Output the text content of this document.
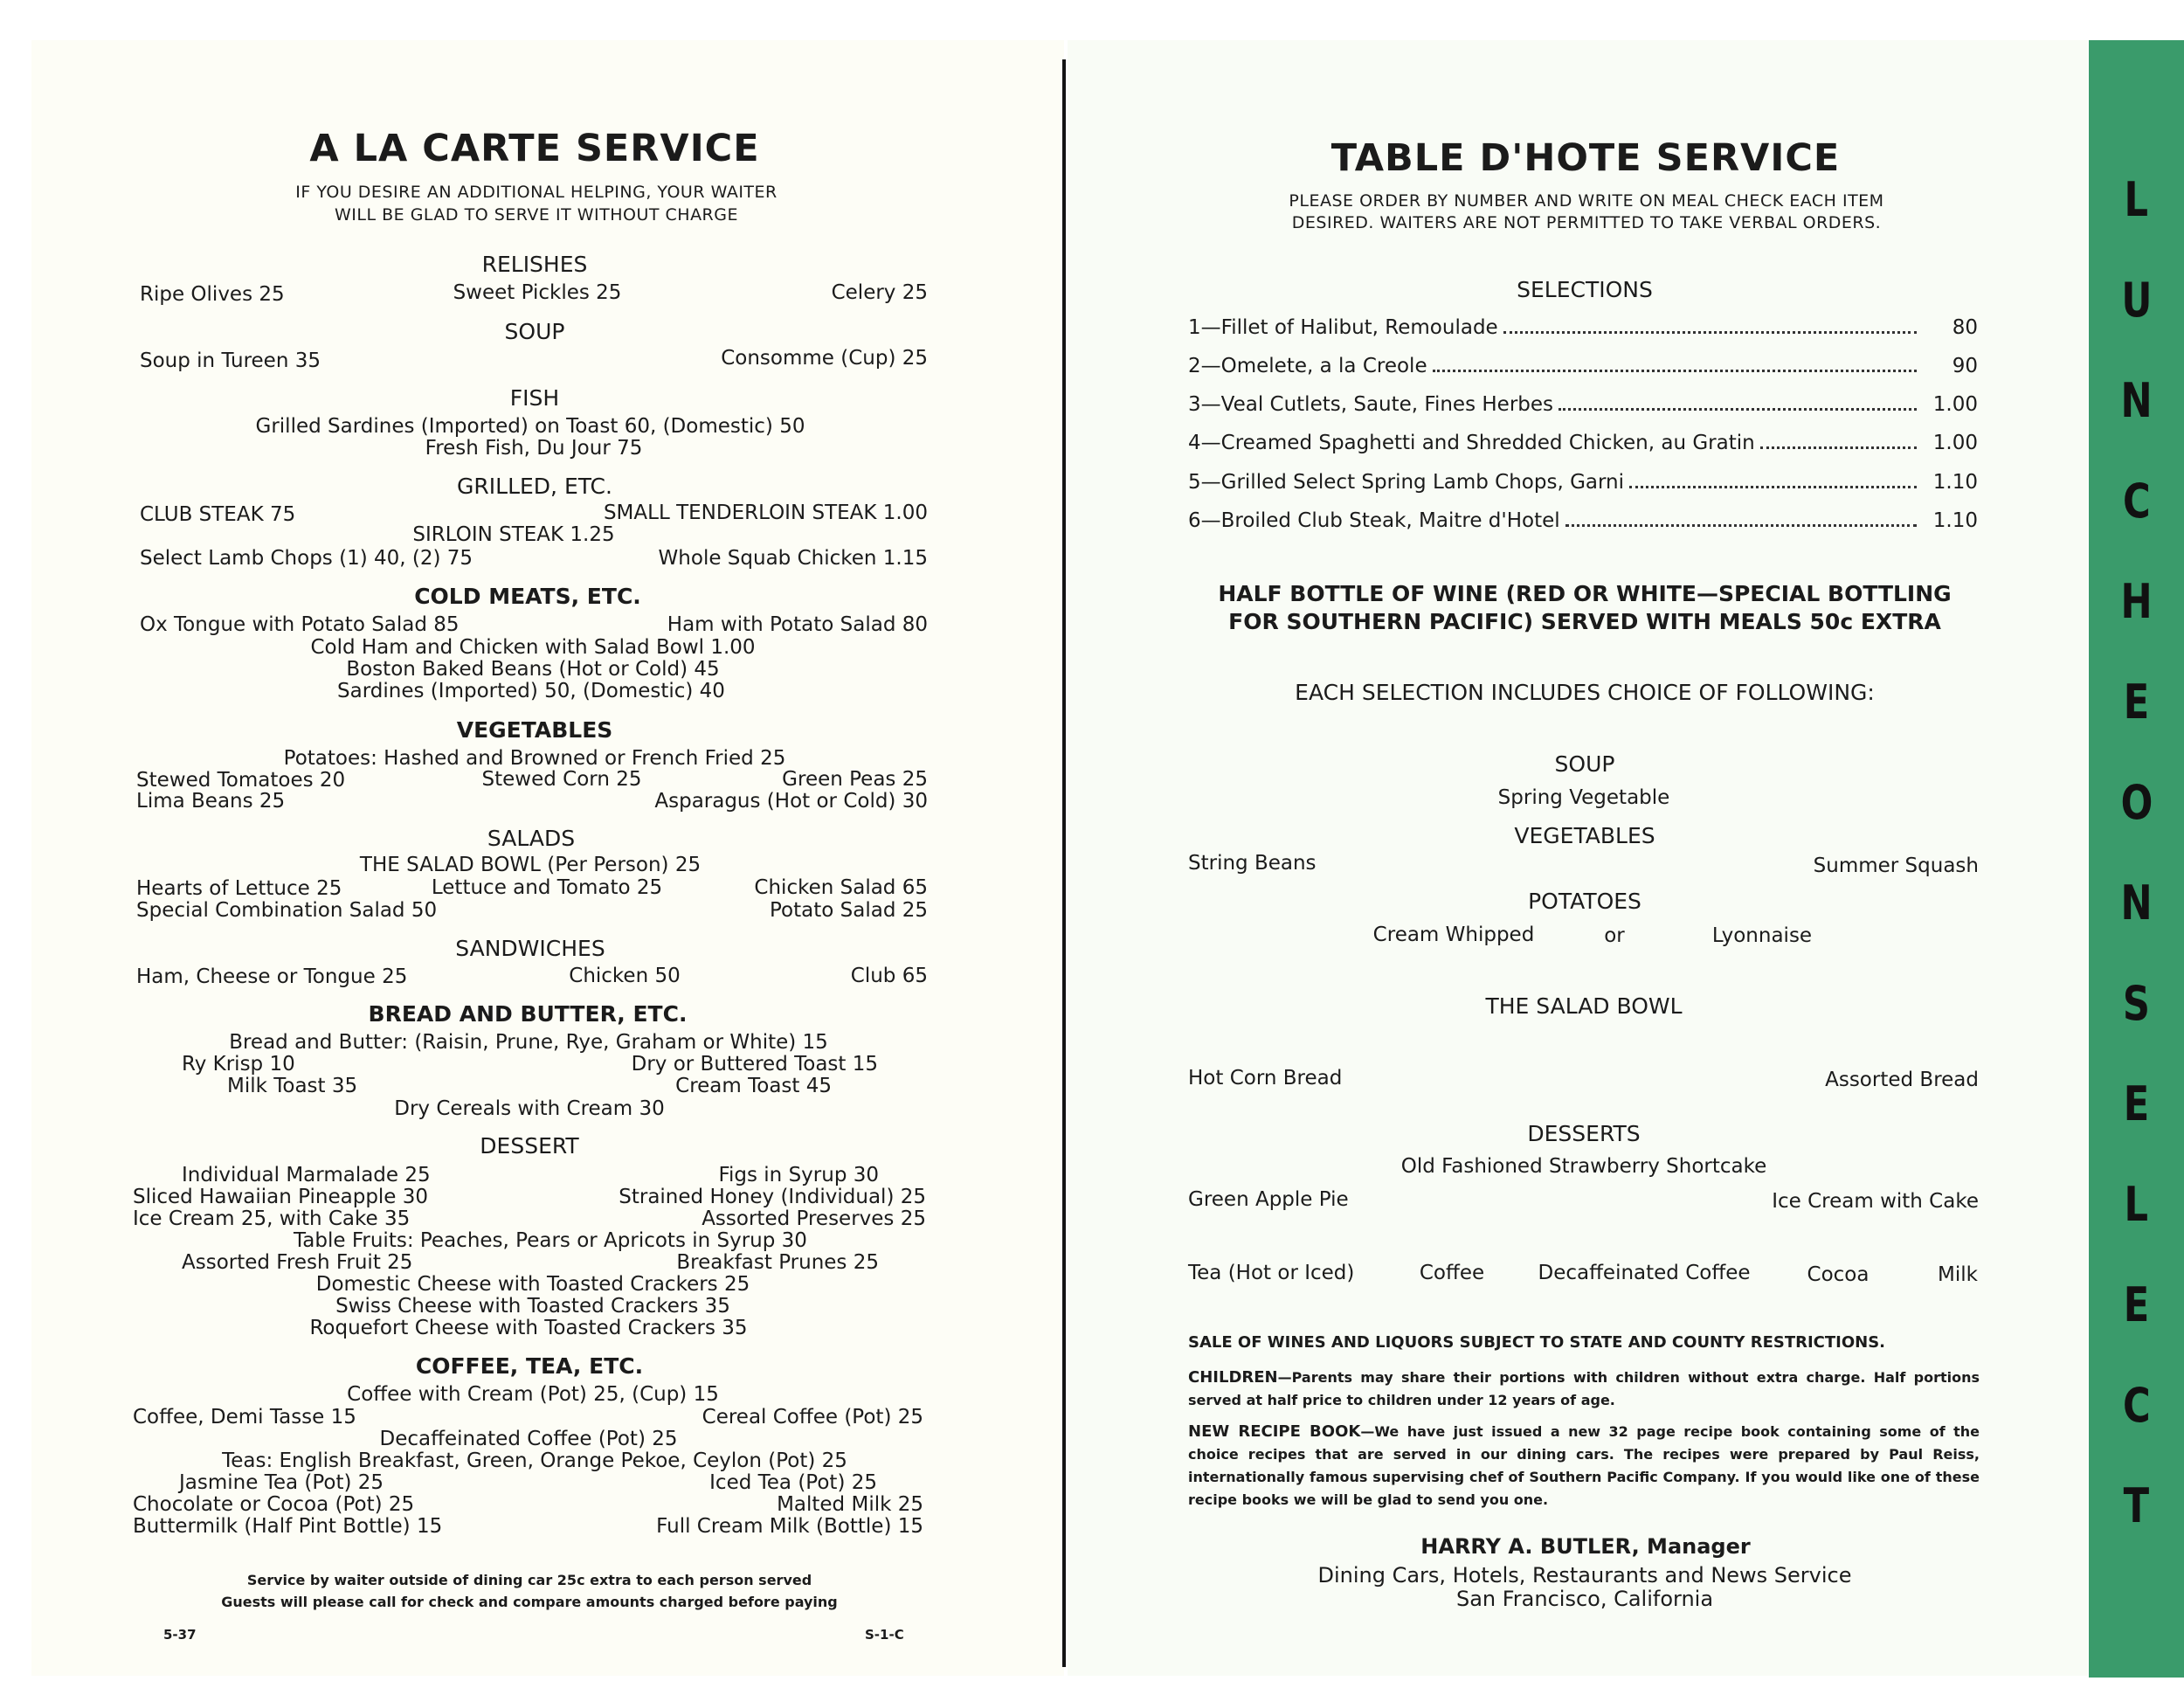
A LA CARTE SERVICE
IF YOU DESIRE AN ADDITIONAL HELPING, YOUR WAITER
WILL BE GLAD TO SERVE IT WITHOUT CHARGE
RELISHES
Ripe Olives 25	Sweet Pickles 25	Celery 25
SOUP
Soup in Tureen 35	Consomme (Cup) 25
FISH
Grilled Sardines (Imported) on Toast 60, (Domestic) 50
Fresh Fish, Du Jour 75
GRILLED, ETC.
CLUB STEAK 75	SMALL TENDERLOIN STEAK 1.00
SIRLOIN STEAK 1.25
Select Lamb Chops (1) 40, (2) 75	Whole Squab Chicken 1.15
COLD MEATS, ETC.
Ox Tongue with Potato Salad 85	Ham with Potato Salad 80
Cold Ham and Chicken with Salad Bowl 1.00
Boston Baked Beans (Hot or Cold) 45
Sardines (Imported) 50, (Domestic) 40
VEGETABLES
Potatoes: Hashed and Browned or French Fried 25
Stewed Tomatoes 20	Stewed Corn 25	Green Peas 25
Lima Beans 25	Asparagus (Hot or Cold) 30
SALADS
THE SALAD BOWL (Per Person) 25
Hearts of Lettuce 25	Lettuce and Tomato 25	Chicken Salad 65
Special Combination Salad 50	Potato Salad 25
SANDWICHES
Ham, Cheese or Tongue 25	Chicken 50	Club 65
BREAD AND BUTTER, ETC.
Bread and Butter: (Raisin, Prune, Rye, Graham or White) 15
Ry Krisp 10	Dry or Buttered Toast 15
Milk Toast 35	Cream Toast 45
Dry Cereals with Cream 30
DESSERT
Individual Marmalade 25	Figs in Syrup 30
Sliced Hawaiian Pineapple 30	Strained Honey (Individual) 25
Ice Cream 25, with Cake 35	Assorted Preserves 25
Table Fruits: Peaches, Pears or Apricots in Syrup 30
Assorted Fresh Fruit 25	Breakfast Prunes 25
Domestic Cheese with Toasted Crackers 25
Swiss Cheese with Toasted Crackers 35
Roquefort Cheese with Toasted Crackers 35
COFFEE, TEA, ETC.
Coffee with Cream (Pot) 25, (Cup) 15
Coffee, Demi Tasse 15	Cereal Coffee (Pot) 25
Decaffeinated Coffee (Pot) 25
Teas: English Breakfast, Green, Orange Pekoe, Ceylon (Pot) 25
Jasmine Tea (Pot) 25	Iced Tea (Pot) 25
Chocolate or Cocoa (Pot) 25	Malted Milk 25
Buttermilk (Half Pint Bottle) 15	Full Cream Milk (Bottle) 15
Service by waiter outside of dining car 25c extra to each person served
Guests will please call for check and compare amounts charged before paying
5-37	S-1-C
TABLE D'HOTE SERVICE
PLEASE ORDER BY NUMBER AND WRITE ON MEAL CHECK EACH ITEM
DESIRED. WAITERS ARE NOT PERMITTED TO TAKE VERBAL ORDERS.
SELECTIONS
1—Fillet of Halibut, Remoulade	80
2—Omelete, a la Creole	90
3—Veal Cutlets, Saute, Fines Herbes	1.00
4—Creamed Spaghetti and Shredded Chicken, au Gratin	1.00
5—Grilled Select Spring Lamb Chops, Garni	1.10
6—Broiled Club Steak, Maitre d'Hotel	1.10
HALF BOTTLE OF WINE (RED OR WHITE—SPECIAL BOTTLING
FOR SOUTHERN PACIFIC) SERVED WITH MEALS 50c EXTRA
EACH SELECTION INCLUDES CHOICE OF FOLLOWING:
SOUP
Spring Vegetable
VEGETABLES
String Beans	Summer Squash
POTATOES
Cream Whipped	or	Lyonnaise
THE SALAD BOWL
Hot Corn Bread	Assorted Bread
DESSERTS
Old Fashioned Strawberry Shortcake
Green Apple Pie	Ice Cream with Cake
Tea (Hot or Iced)	Coffee	Decaffeinated Coffee	Cocoa	Milk
SALE OF WINES AND LIQUORS SUBJECT TO STATE AND COUNTY RESTRICTIONS.
CHILDREN—Parents may share their portions with children without extra charge. Half portions served at half price to children under 12 years of age.
NEW RECIPE BOOK—We have just issued a new 32 page recipe book containing some of the choice recipes that are served in our dining cars. The recipes were prepared by Paul Reiss, internationally famous supervising chef of Southern Pacific Company. If you would like one of these recipe books we will be glad to send you one.
HARRY A. BUTLER, Manager
Dining Cars, Hotels, Restaurants and News Service
San Francisco, California
L
U
N
C
H
E
O
N
S
E
L
E
C
T
